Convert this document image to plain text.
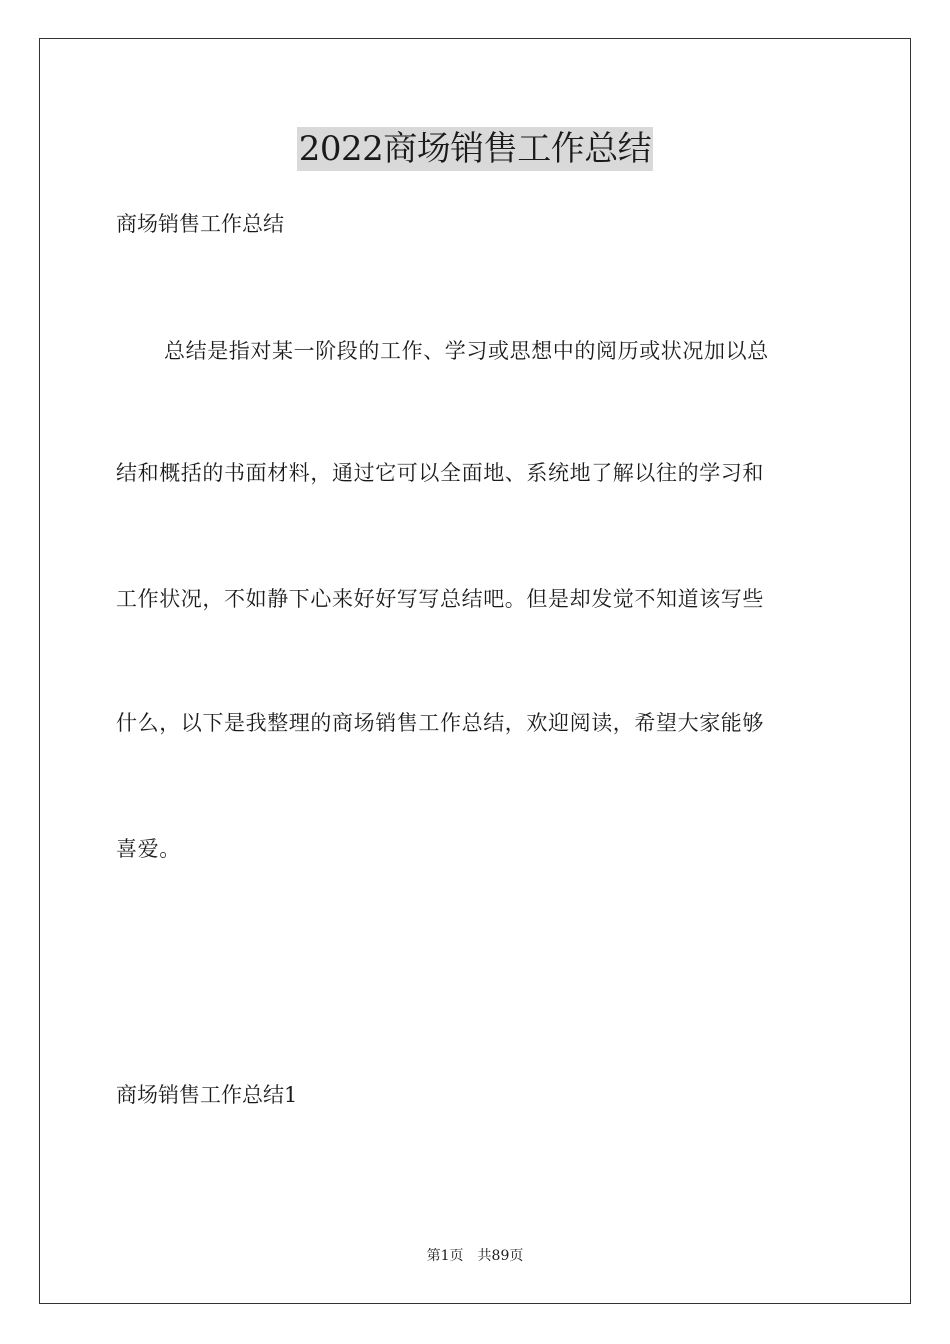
2022商场销售工作总结

商场销售工作总结

总结是指对某一阶段的工作、学习或思想中的阅历或状况加以总

结和概括的书面材料，通过它可以全面地、系统地了解以往的学习和

工作状况，不如静下心来好好写写总结吧。但是却发觉不知道该写些

什么，以下是我整理的商场销售工作总结，欢迎阅读，希望大家能够

喜爱。

商场销售工作总结1

第1页　共89页
